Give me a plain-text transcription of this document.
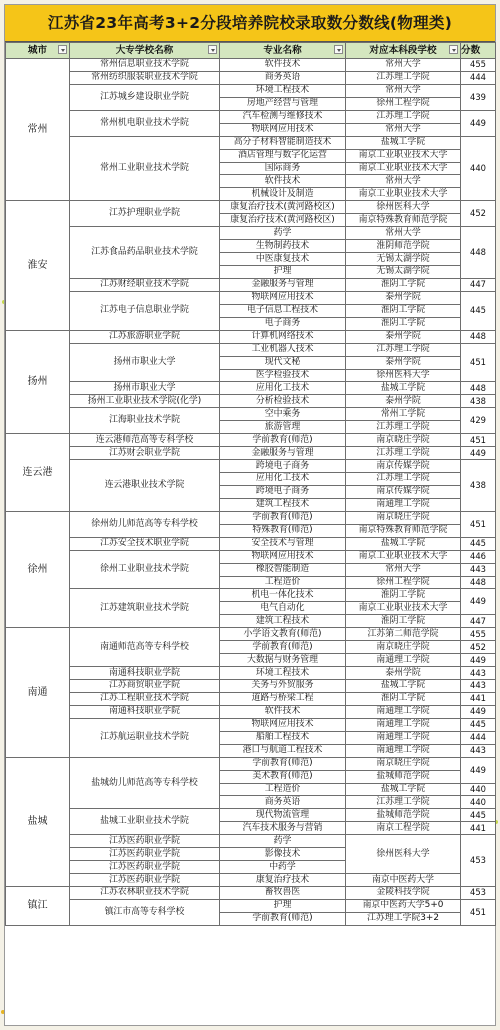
江苏省23年高考3+2分段培养院校录取数分数线(物理类)
城市	大专学校名称	专业名称	对应本科段学校	分数
常州	常州信息职业技术学院	软件技术	常州大学	455
	常州纺织服装职业技术学院	商务英语	江苏理工学院	444
	江苏城乡建设职业学院	环境工程技术	常州大学	439
		房地产经营与管理	徐州工程学院	
	常州机电职业技术学院	汽车检测与维修技术	江苏理工学院	449
		物联网应用技术	常州大学	
	常州工业职业技术学院	高分子材料智能制造技术	盐城工学院	440
		酒店管理与数字化运营	南京工业职业技术大学	
		国际商务	南京工业职业技术大学	
		软件技术	常州大学	
		机械设计及制造	南京工业职业技术大学	
淮安	江苏护理职业学院	康复治疗技术(黄河路校区)	徐州医科大学	452
		康复治疗技术(黄河路校区)	南京特殊教育师范学院	
	江苏食品药品职业技术学院	药学	常州大学	448
		生物制药技术	淮阴师范学院	
		中医康复技术	无锡太湖学院	
		护理	无锡太湖学院	
	江苏财经职业技术学院	金融服务与管理	淮阴工学院	447
	江苏电子信息职业学院	物联网应用技术	泰州学院	445
		电子信息工程技术	淮阴工学院	
		电子商务	淮阴工学院	
扬州	江苏旅游职业学院	计算机网络技术	泰州学院	448
	扬州市职业大学	工业机器人技术	江苏理工学院	451
		现代文秘	泰州学院	
		医学检验技术	徐州医科大学	
	扬州市职业大学	应用化工技术	盐城工学院	448
	扬州工业职业技术学院(化学)	分析检验技术	泰州学院	438
	江海职业技术学院	空中乘务	常州工学院	429
		旅游管理	江苏理工学院	
连云港	连云港师范高等专科学校	学前教育(师范)	南京晓庄学院	451
	江苏财会职业学院	金融服务与管理	江苏理工学院	449
	连云港职业技术学院	跨境电子商务	南京传媒学院	438
		应用化工技术	江苏理工学院	
		跨境电子商务	南京传媒学院	
		建筑工程技术	南通理工学院	
徐州	徐州幼儿师范高等专科学校	学前教育(师范)	南京晓庄学院	451
		特殊教育(师范)	南京特殊教育师范学院	
	江苏安全技术职业学院	安全技术与管理	盐城工学院	445
	徐州工业职业技术学院	物联网应用技术	南京工业职业技术大学	446
		橡胶智能制造	常州大学	443
		工程造价	徐州工程学院	448
	江苏建筑职业技术学院	机电一体化技术	淮阴工学院	449
		电气自动化	南京工业职业技术大学	
		建筑工程技术	淮阴工学院	447
南通	南通师范高等专科学校	小学语文教育(师范)	江苏第二师范学院	455
		学前教育(师范)	南京晓庄学院	452
		大数据与财务管理	南通理工学院	449
	南通科技职业学院	环境工程技术	泰州学院	443
	江苏商贸职业学院	关务与外贸服务	盐城工学院	443
	江苏工程职业技术学院	道路与桥梁工程	淮阴工学院	441
	南通科技职业学院	软件技术	南通理工学院	449
	江苏航运职业技术学院	物联网应用技术	南通理工学院	445
		船舶工程技术	南通理工学院	444
		港口与航道工程技术	南通理工学院	443
盐城	盐城幼儿师范高等专科学校	学前教育(师范)	南京晓庄学院	449
		美术教育(师范)	盐城师范学院	
		工程造价	盐城工学院	440
		商务英语	江苏理工学院	440
	盐城工业职业技术学院	现代物流管理	盐城师范学院	445
		汽车技术服务与营销	南京工程学院	441
	江苏医药职业学院	药学	徐州医科大学	453
	江苏医药职业学院	影像技术		
	江苏医药职业学院	中药学		
	江苏医药职业学院	康复治疗技术	南京中医药大学	
镇江	江苏农林职业技术学院	畜牧兽医	金陵科技学院	453
	镇江市高等专科学校	护理	南京中医药大学5+0	451
		学前教育(师范)	江苏理工学院3+2	
